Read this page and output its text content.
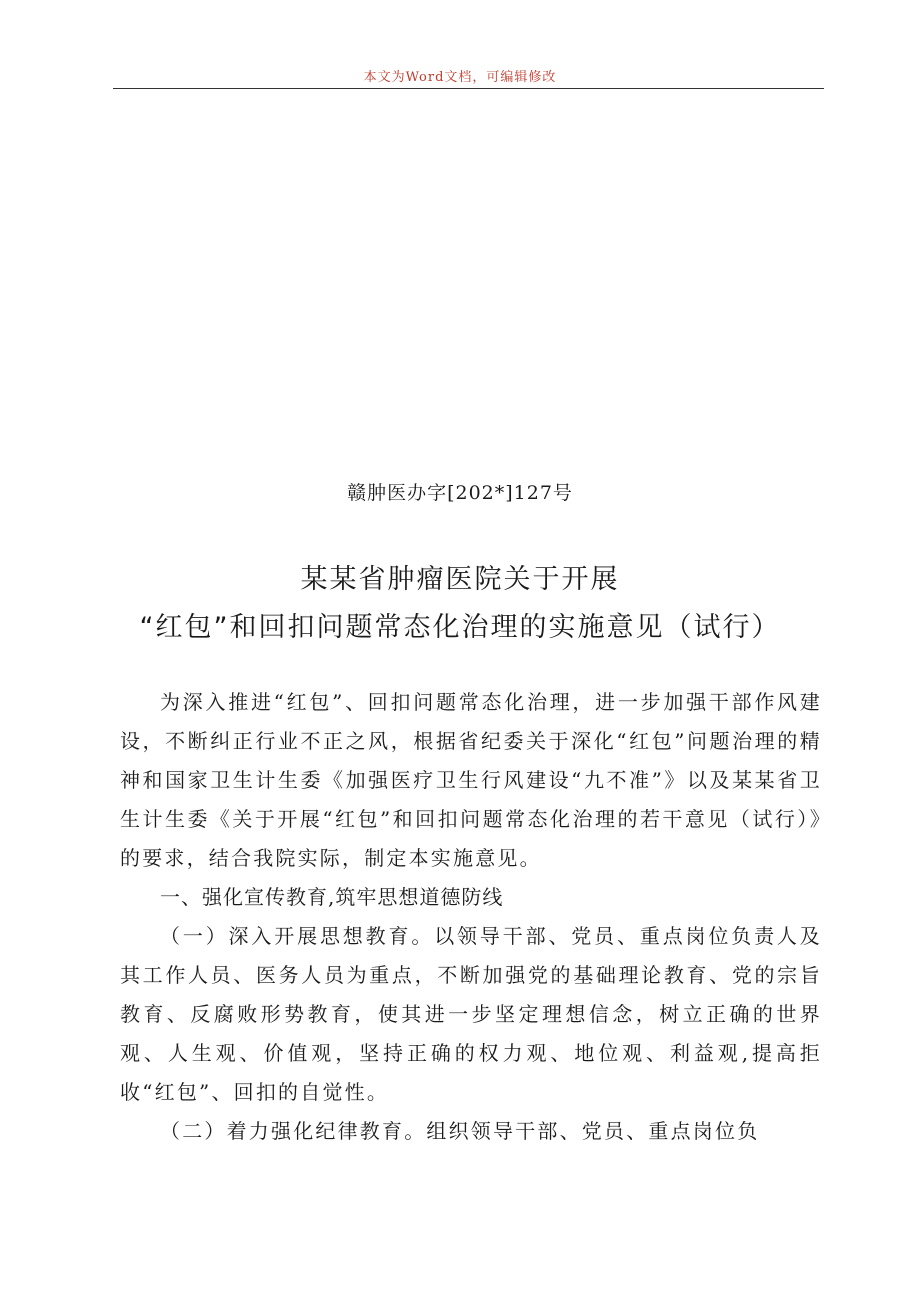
本文为Word文档，可编辑修改
赣肿医办字[202*]127号
某某省肿瘤医院关于开展
“红包”和回扣问题常态化治理的实施意见（试行）

为深入推进“红包”、回扣问题常态化治理，进一步加强干部作风建设，不断纠正行业不正之风，根据省纪委关于深化“红包”问题治理的精神和国家卫生计生委《加强医疗卫生行风建设“九不准”》以及某某省卫生计生委《关于开展“红包”和回扣问题常态化治理的若干意见（试行）》的要求，结合我院实际，制定本实施意见。

一、强化宣传教育,筑牢思想道德防线

（一）深入开展思想教育。以领导干部、党员、重点岗位负责人及其工作人员、医务人员为重点，不断加强党的基础理论教育、党的宗旨教育、反腐败形势教育，使其进一步坚定理想信念，树立正确的世界观、人生观、价值观，坚持正确的权力观、地位观、利益观,提高拒收“红包”、回扣的自觉性。

（二）着力强化纪律教育。组织领导干部、党员、重点岗位负
